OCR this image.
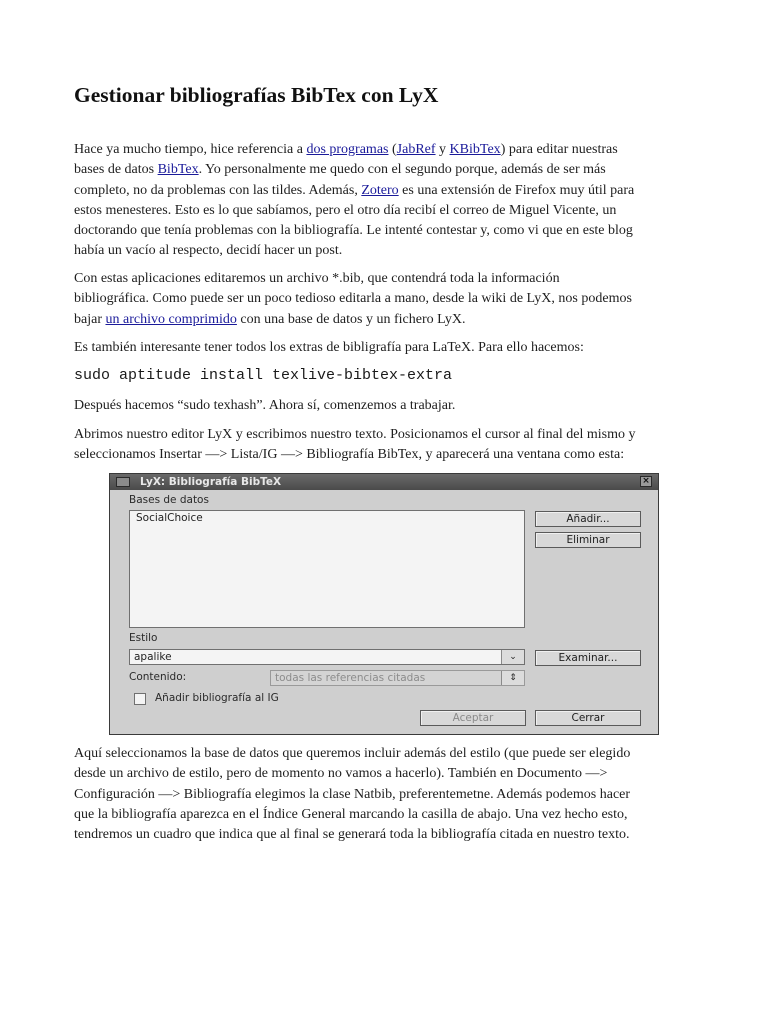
Gestionar bibliografías BibTex con LyX

Hace ya mucho tiempo, hice referencia a dos programas (JabRef y KBibTex) para editar nuestras
bases de datos BibTex. Yo personalmente me quedo con el segundo porque, además de ser más
completo, no da problemas con las tildes. Además, Zotero es una extensión de Firefox muy útil para
estos menesteres. Esto es lo que sabíamos, pero el otro día recibí el correo de Miguel Vicente, un
doctorando que tenía problemas con la bibliografía. Le intenté contestar y, como vi que en este blog
había un vacío al respecto, decidí hacer un post.

Con estas aplicaciones editaremos un archivo *.bib, que contendrá toda la información
bibliográfica. Como puede ser un poco tedioso editarla a mano, desde la wiki de LyX, nos podemos
bajar un archivo comprimido con una base de datos y un fichero LyX.

Es también interesante tener todos los extras de bibligrafía para LaTeX. Para ello hacemos:

sudo aptitude install texlive-bibtex-extra

Después hacemos “sudo texhash”. Ahora sí, comenzemos a trabajar.

Abrimos nuestro editor LyX y escribimos nuestro texto. Posicionamos el cursor al final del mismo y
seleccionamos Insertar —> Lista/IG —> Bibliografía BibTex, y aparecerá una ventana como esta:

Aquí seleccionamos la base de datos que queremos incluir además del estilo (que puede ser elegido
desde un archivo de estilo, pero de momento no vamos a hacerlo). También en Documento —>
Configuración —> Bibliografía elegimos la clase Natbib, preferentemetne. Además podemos hacer
que la bibliografía aparezca en el Índice General marcando la casilla de abajo. Una vez hecho esto,
tendremos un cuadro que indica que al final se generará toda la bibliografía citada en nuestro texto.

LyX: Bibliografía BibTeX	×
Bases de datos
SocialChoice	Añadir...
Eliminar
Estilo
apalike	⌄	Examinar...
Contenido:	todas las referencias citadas	⇕
Añadir bibliografía al IG
Aceptar	Cerrar
